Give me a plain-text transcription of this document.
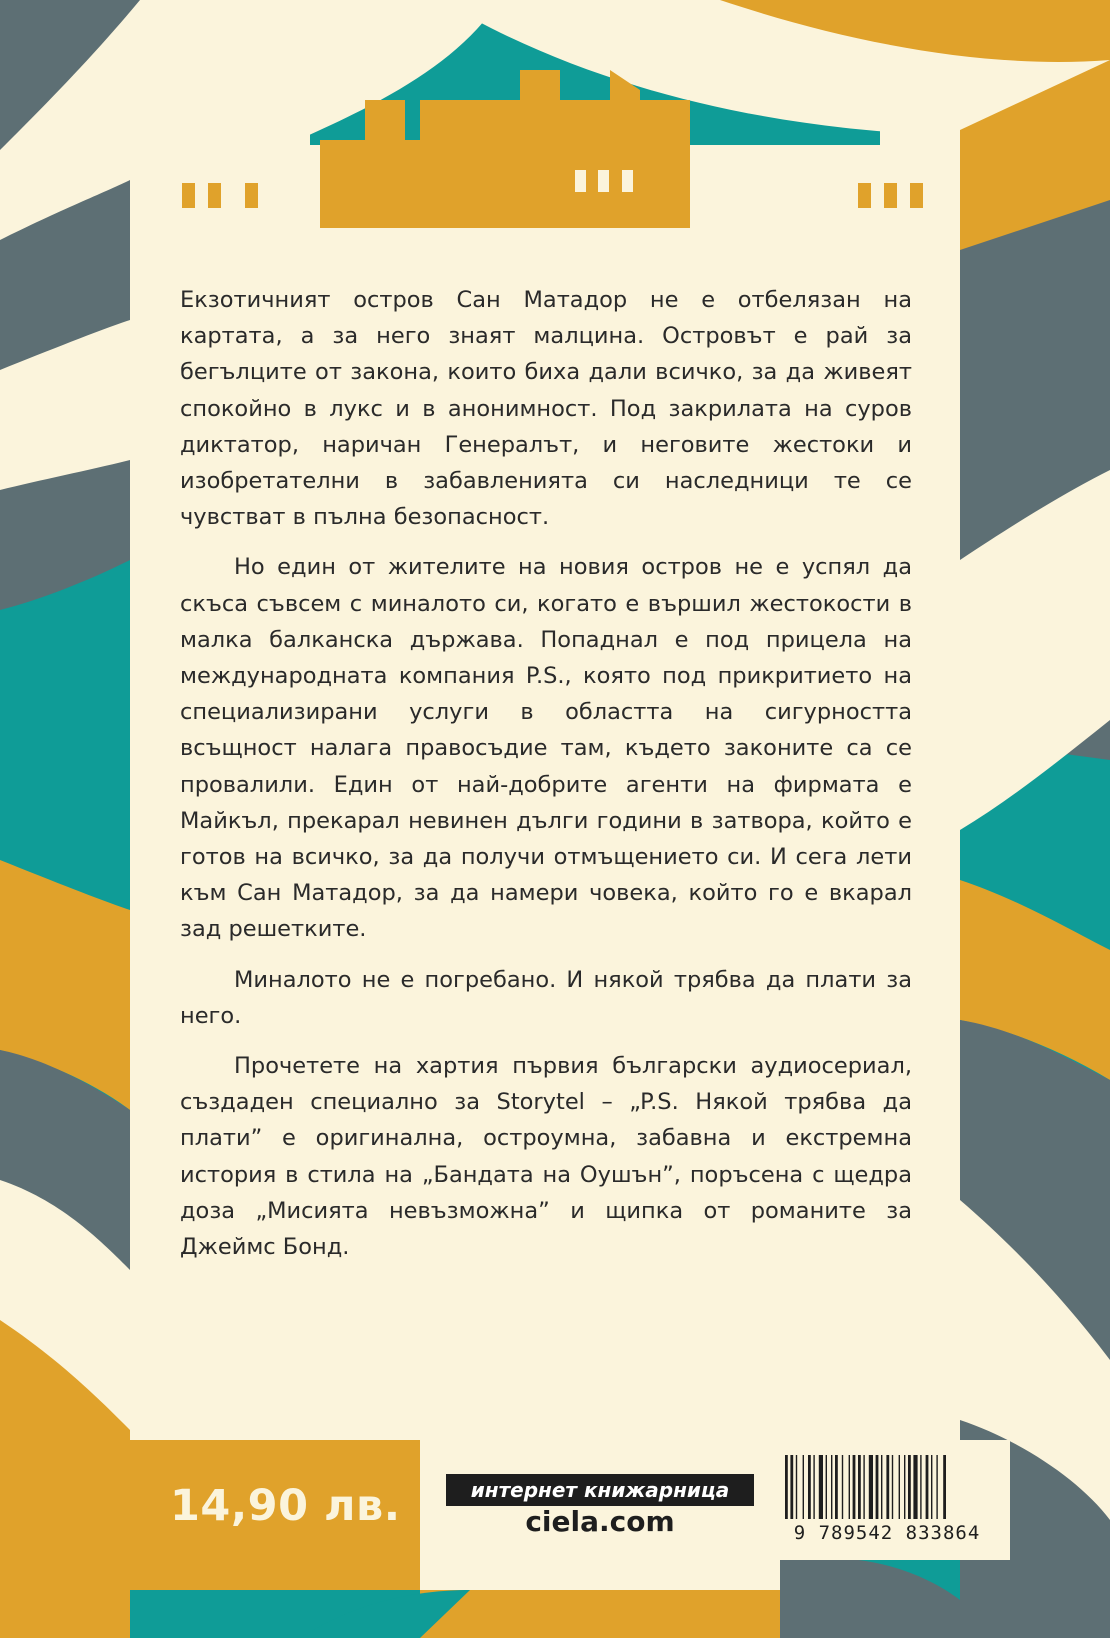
Екзотичният остров Сан Матадор не е отбелязан на картата, а за него знаят малцина. Островът е рай за бегълците от закона, които биха дали всичко, за да живеят спокойно в лукс и в анонимност. Под закрилата на суров диктатор, наричан Генералът, и неговите жестоки и изобретателни в забавленията си наследници те се чувстват в пълна безопасност.

Но един от жителите на новия остров не е успял да скъса съвсем с миналото си, когато е вършил жестокости в малка балканска държава. Попаднал е под прицела на международната компания P.S., която под прикритието на специализирани услуги в областта на сигурността всъщност налага правосъдие там, където законите са се провалили. Един от най-добрите агенти на фирмата е Майкъл, прекарал невинен дълги години в затвора, който е готов на всичко, за да получи отмъщението си. И сега лети към Сан Матадор, за да намери човека, който го е вкарал зад решетките.

Миналото не е погребано. И някой трябва да плати за него.

Прочетете на хартия първия български аудиосериал, създаден специално за Storytel – „P.S. Някой трябва да плати” е оригинална, остроумна, забавна и екстремна история в стила на „Бандата на Оушън”, поръсена с щедра доза „Мисията невъзможна” и щипка от романите за Джеймс Бонд.

14,90 лв.	интернет книжарница
ciela.com	9 789542 833864
